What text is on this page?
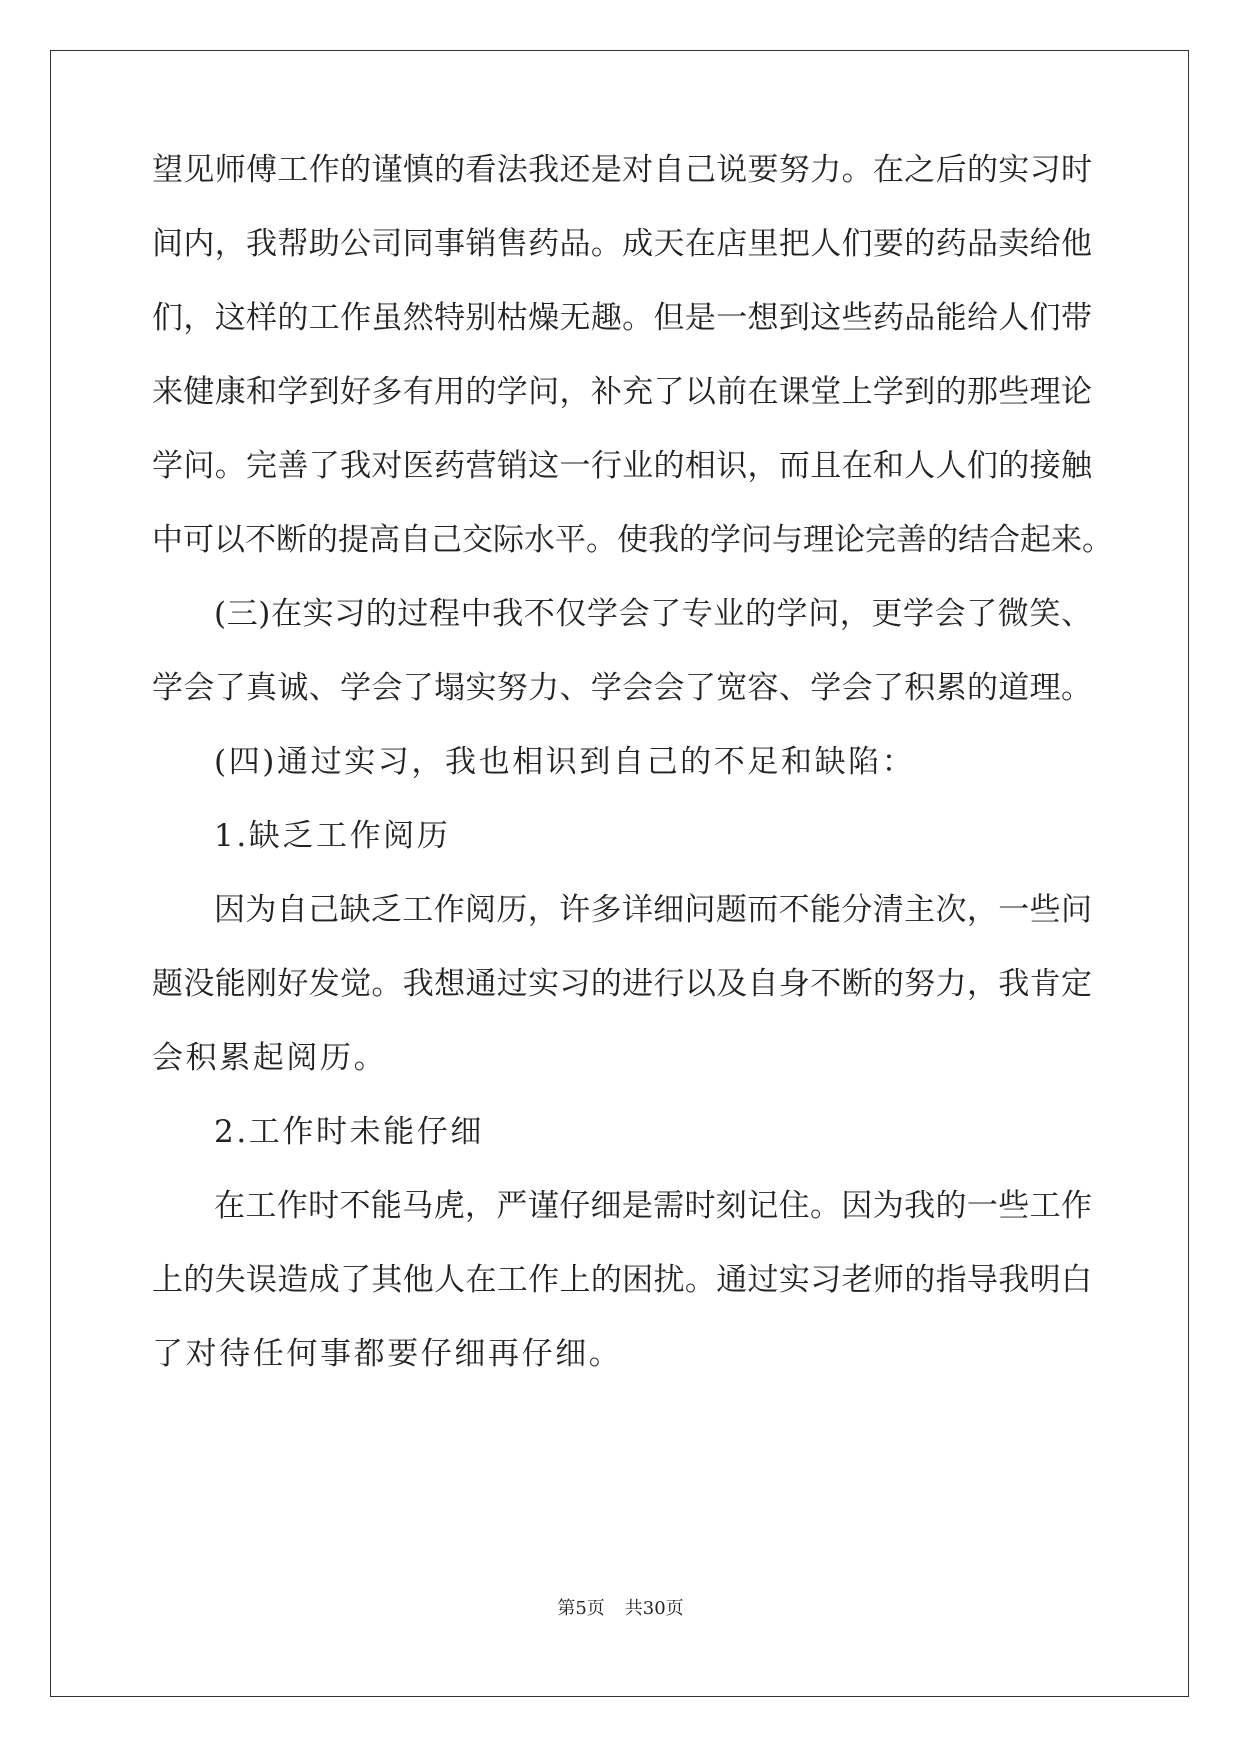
望见师傅工作的谨慎的看法我还是对自己说要努力。在之后的实习时
间内，我帮助公司同事销售药品。成天在店里把人们要的药品卖给他
们，这样的工作虽然特别枯燥无趣。但是一想到这些药品能给人们带
来健康和学到好多有用的学问，补充了以前在课堂上学到的那些理论
学问。完善了我对医药营销这一行业的相识，而且在和人人们的接触
中可以不断的提高自己交际水平。使我的学问与理论完善的结合起来。
(三)在实习的过程中我不仅学会了专业的学问，更学会了微笑、
学会了真诚、学会了塌实努力、学会会了宽容、学会了积累的道理。
(四)通过实习，我也相识到自己的不足和缺陷：
1.缺乏工作阅历
因为自己缺乏工作阅历，许多详细问题而不能分清主次，一些问
题没能刚好发觉。我想通过实习的进行以及自身不断的努力，我肯定
会积累起阅历。
2.工作时未能仔细
在工作时不能马虎，严谨仔细是需时刻记住。因为我的一些工作
上的失误造成了其他人在工作上的困扰。通过实习老师的指导我明白
了对待任何事都要仔细再仔细。
第5页 共30页
